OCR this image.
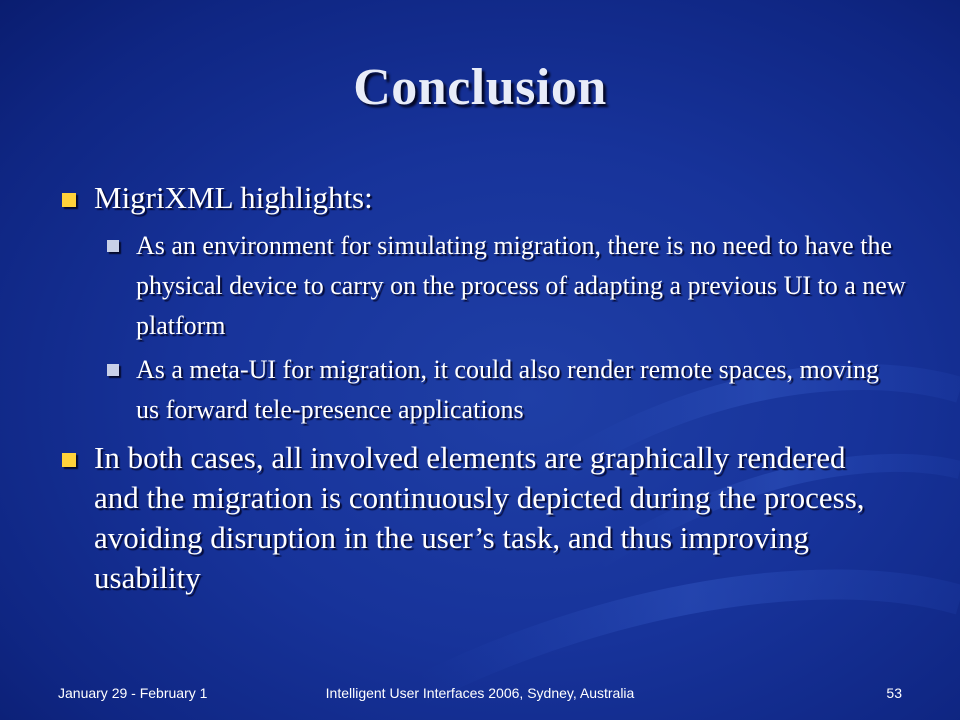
Conclusion
MigriXML highlights:
As an environment for simulating migration, there is no need to have the physical device to carry on the process of adapting a previous UI to a new platform
As a meta-UI for migration, it could also render remote spaces, moving us forward tele-presence applications
In both cases, all involved elements are graphically rendered and the migration is continuously depicted during the process, avoiding disruption in the user’s task, and thus improving usability
January 29 - February 1	Intelligent User Interfaces 2006, Sydney, Australia	53
